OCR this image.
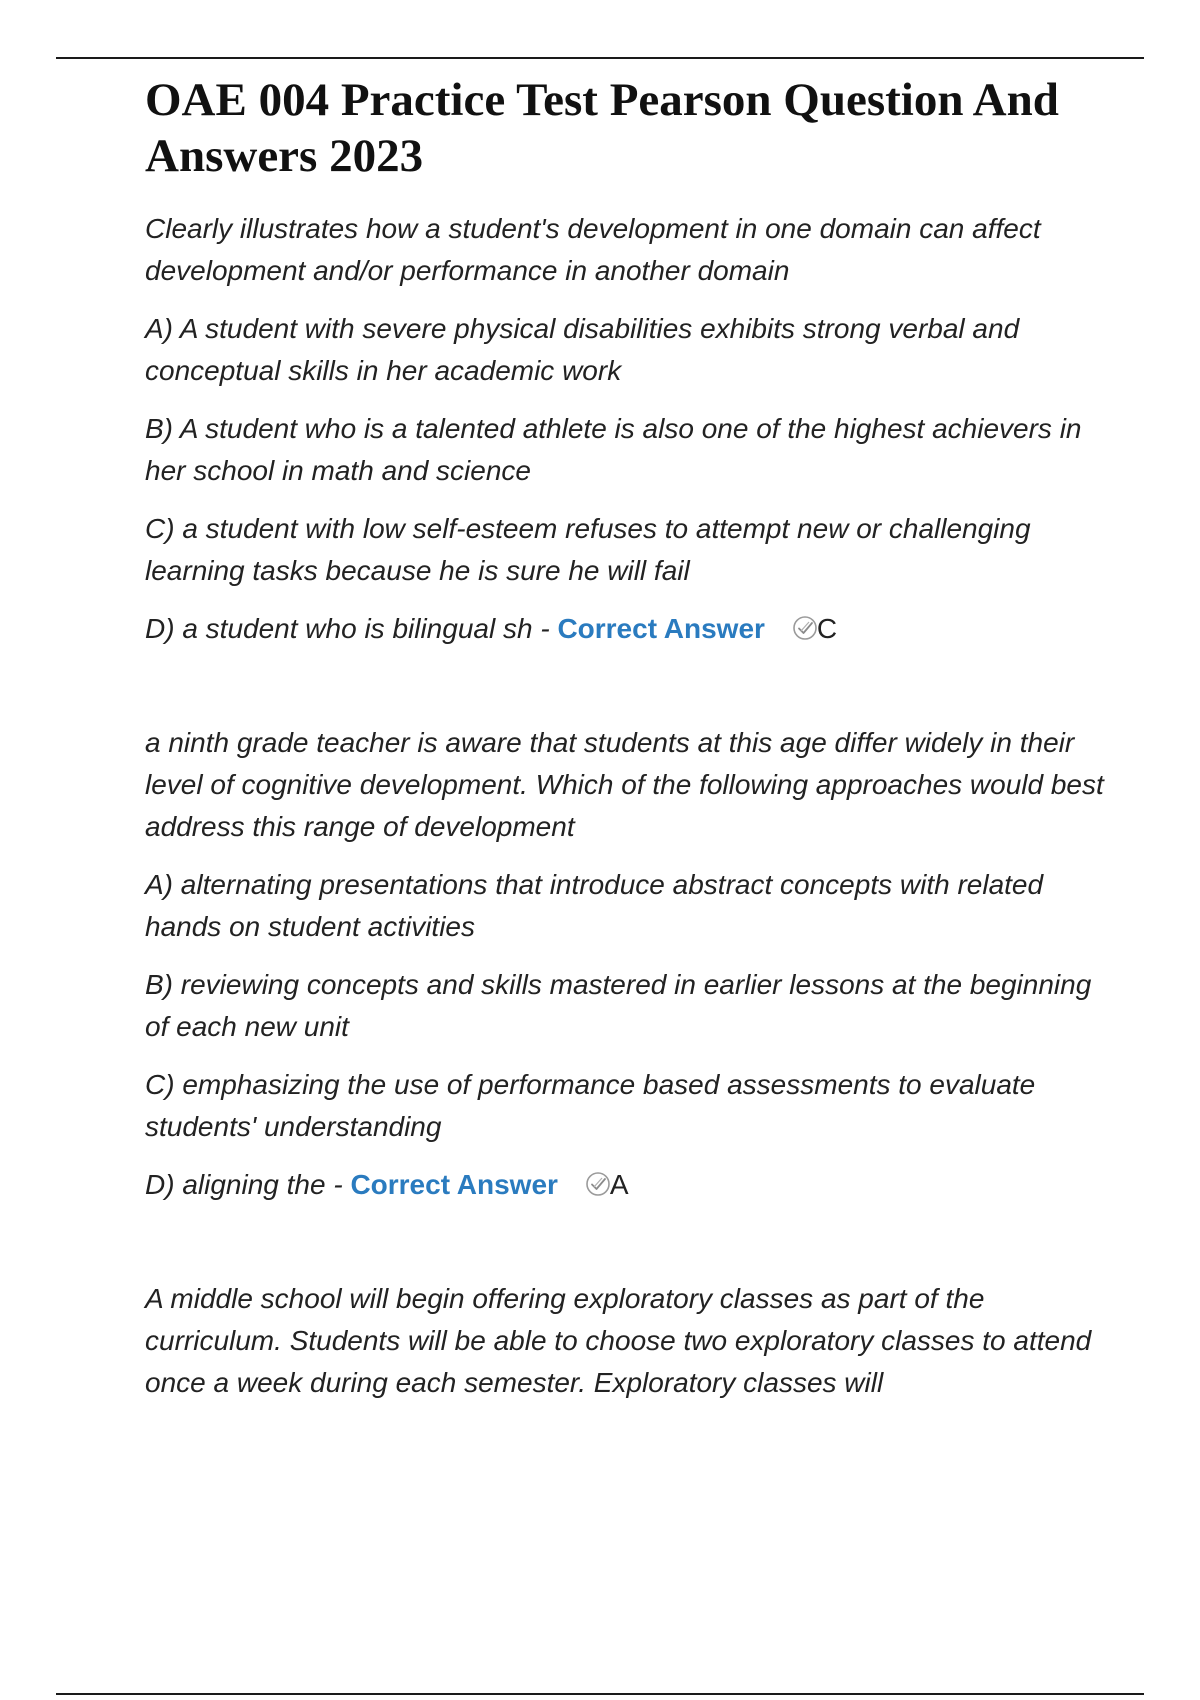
OAE 004 Practice Test Pearson Question And Answers 2023

Clearly illustrates how a student's development in one domain can affect development and/or performance in another domain

A) A student with severe physical disabilities exhibits strong verbal and conceptual skills in her academic work

B) A student who is a talented athlete is also one of the highest achievers in her school in math and science

C) a student with low self-esteem refuses to attempt new or challenging learning tasks because he is sure he will fail

D) a student who is bilingual sh - Correct Answer C

a ninth grade teacher is aware that students at this age differ widely in their level of cognitive development. Which of the following approaches would best address this range of development

A) alternating presentations that introduce abstract concepts with related hands on student activities

B) reviewing concepts and skills mastered in earlier lessons at the beginning of each new unit

C) emphasizing the use of performance based assessments to evaluate students' understanding

D) aligning the - Correct Answer A

A middle school will begin offering exploratory classes as part of the curriculum. Students will be able to choose two exploratory classes to attend once a week during each semester. Exploratory classes will
